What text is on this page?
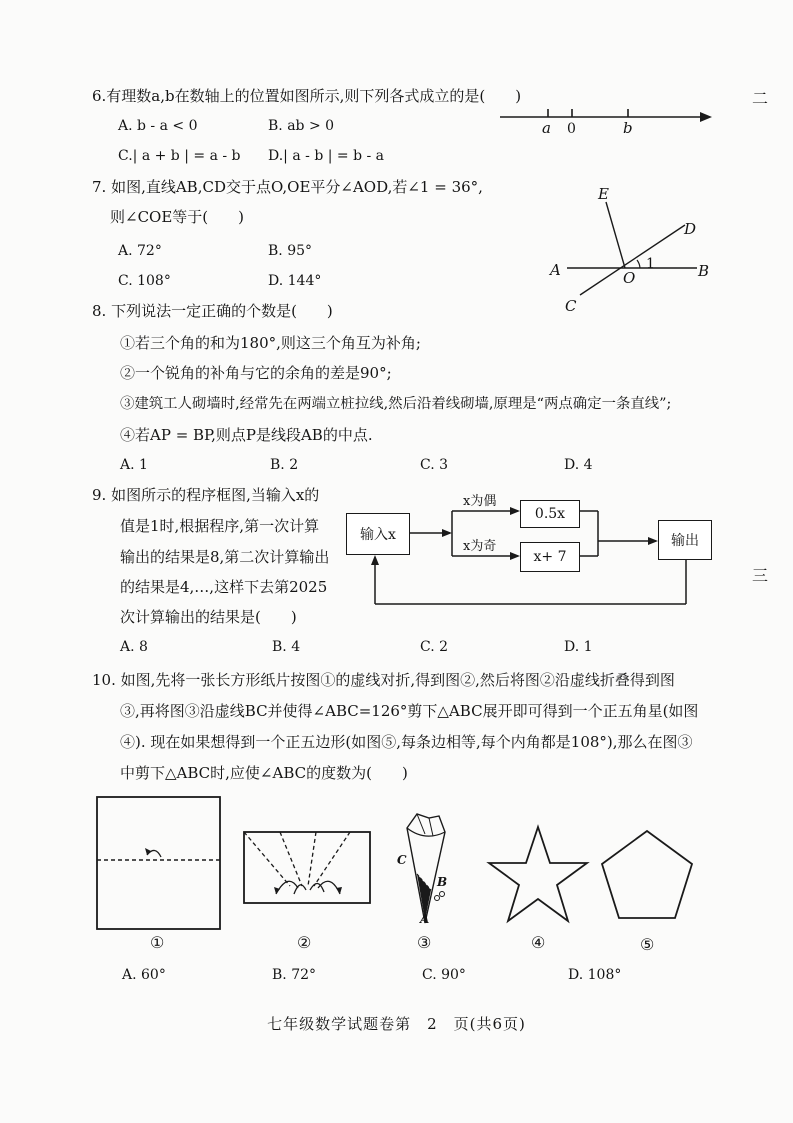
二
三
6.有理数a,b在数轴上的位置如图所示,则下列各式成立的是(　　)
A. b - a < 0	B. ab > 0
C.| a + b | = a - b D.| a - b | = b - a
a 0	b
7. 如图,直线AB,CD交于点O,OE平分∠AOD,若∠1 = 36°,
则∠COE等于(　　)
A. 72°	B. 95°
C. 108°	D. 144°
E
D
A	O
1	B
C
8. 下列说法一定正确的个数是(　　)
①若三个角的和为180°,则这三个角互为补角;
②一个锐角的补角与它的余角的差是90°;
③建筑工人砌墙时,经常先在两端立桩拉线,然后沿着线砌墙,原理是“两点确定一条直线”;
④若AP = BP,则点P是线段AB的中点.
A. 1	B. 2	C. 3	D. 4
9. 如图所示的程序框图,当输入x的
值是1时,根据程序,第一次计算
输出的结果是8,第二次计算输出
的结果是4,…,这样下去第2025
次计算输出的结果是(　　)
A. 8	B. 4	C. 2	D. 1
输入x
x为偶
x为奇
0.5x
x+ 7
输出
10. 如图,先将一张长方形纸片按图①的虚线对折,得到图②,然后将图②沿虚线折叠得到图
③,再将图③沿虚线BC并使得∠ABC=126°剪下△ABC展开即可得到一个正五角星(如图
④). 现在如果想得到一个正五边形(如图⑤,每条边相等,每个内角都是108°),那么在图③
中剪下△ABC时,应使∠ABC的度数为(　　)
C
B
A
①	②	③	④	⑤
A. 60°	B. 72°	C. 90°	D. 108°
七年级数学试题卷第　2　页(共6页)
